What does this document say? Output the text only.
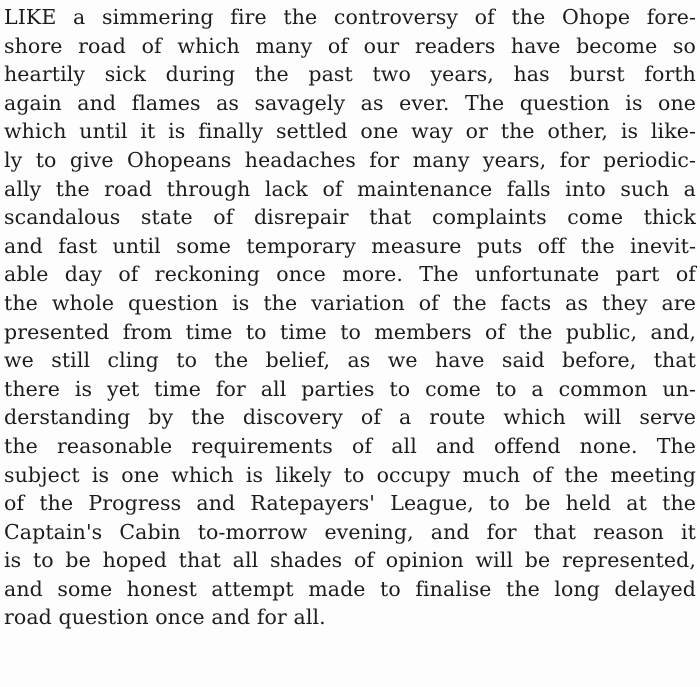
LIKE a simmering fire the controversy of the Ohope fore-
shore road of which many of our readers have become so
heartily sick during the past two years, has burst forth
again and flames as savagely as ever. The question is one
which until it is finally settled one way or the other, is like-
ly to give Ohopeans headaches for many years, for periodic-
ally the road through lack of maintenance falls into such a
scandalous state of disrepair that complaints come thick
and fast until some temporary measure puts off the inevit-
able day of reckoning once more. The unfortunate part of
the whole question is the variation of the facts as they are
presented from time to time to members of the public, and,
we still cling to the belief, as we have said before, that
there is yet time for all parties to come to a common un-
derstanding by the discovery of a route which will serve
the reasonable requirements of all and offend none. The
subject is one which is likely to occupy much of the meeting
of the Progress and Ratepayers' League, to be held at the
Captain's Cabin to-morrow evening, and for that reason it
is to be hoped that all shades of opinion will be represented,
and some honest attempt made to finalise the long delayed
road question once and for all.
